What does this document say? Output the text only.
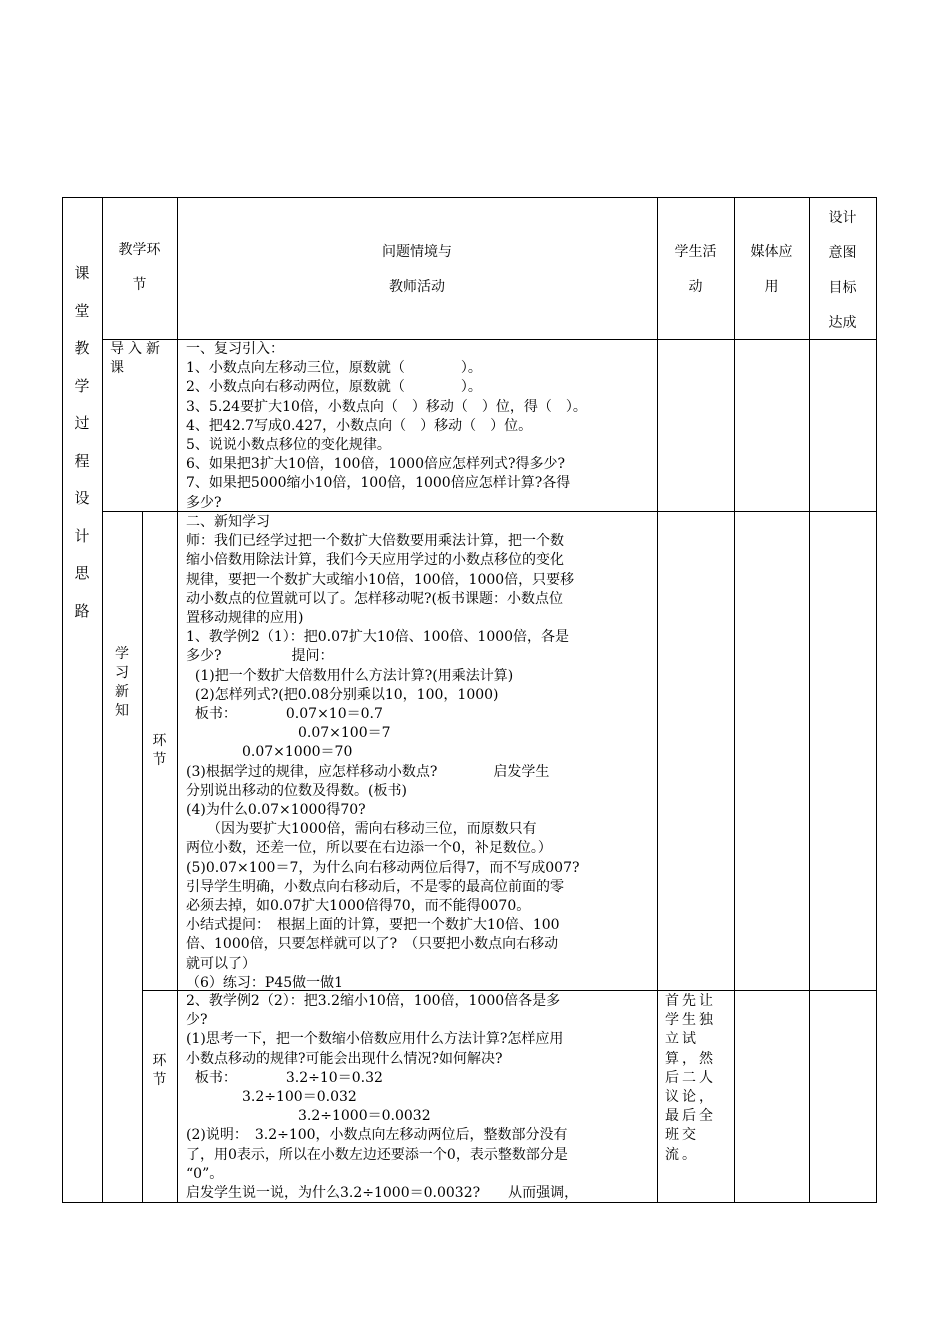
课
堂
教
学
过
程
设
计
思
路
教学环
节
问题情境与
教师活动
学生活
动
媒体应
用
设计
意图
目标
达成
导入新
课

一、复习引入：

1、小数点向左移动三位，原数就（　　　　）。

2、小数点向右移动两位，原数就（　　　　）。

3、5.24要扩大10倍，小数点向（　）移动（　）位，得（　）。

4、把42.7写成0.427，小数点向（　）移动（　）位。

5、说说小数点移位的变化规律。

6、如果把3扩大10倍，100倍，1000倍应怎样列式?得多少?

7、如果把5000缩小10倍，100倍，1000倍应怎样计算?各得

多少?

学
习
新
知
环
节
环
节

二、新知学习

师：我们已经学过把一个数扩大倍数要用乘法计算，把一个数

缩小倍数用除法计算，我们今天应用学过的小数点移位的变化

规律，要把一个数扩大或缩小10倍，100倍，1000倍，只要移

动小数点的位置就可以了。怎样移动呢?(板书课题：小数点位

置移动规律的应用)

1、教学例2（1）：把0.07扩大10倍、100倍、1000倍，各是

多少?　　　　　提问：

(1)把一个数扩大倍数用什么方法计算?(用乘法计算)

(2)怎样列式?(把0.08分别乘以10，100，1000)

板书：　　　　0.07×10＝0.7

　　　　　　　　0.07×100＝7

　　　　0.07×1000＝70

(3)根据学过的规律，应怎样移动小数点?　　　　启发学生

分别说出移动的位数及得数。(板书)

(4)为什么0.07×1000得70?

　　（因为要扩大1000倍，需向右移动三位，而原数只有

两位小数，还差一位，所以要在右边添一个0，补足数位。）

(5)0.07×100＝7，为什么向右移动两位后得7，而不写成007?

引导学生明确，小数点向右移动后，不是零的最高位前面的零

必须去掉，如0.07扩大1000倍得70，而不能得0070。

小结式提问：　根据上面的计算，要把一个数扩大10倍、100

倍、1000倍，只要怎样就可以了?　（只要把小数点向右移动

就可以了）

（6）练习：P45做一做1

2、教学例2（2）：把3.2缩小10倍，100倍，1000倍各是多

少?

(1)思考一下，把一个数缩小倍数应用什么方法计算?怎样应用

小数点移动的规律?可能会出现什么情况?如何解决?

板书：　　　　3.2÷10＝0.32

　　　　3.2÷100＝0.032

　　　　　　　　3.2÷1000＝0.0032

(2)说明：　3.2÷100，小数点向左移动两位后，整数部分没有

了，用0表示，所以在小数左边还要添一个0，表示整数部分是

“0”。

启发学生说一说，为什么3.2÷1000＝0.0032?　　从而强调，

首先让

学生独

立试

算，然

后二人

议论，

最后全

班交

流。
